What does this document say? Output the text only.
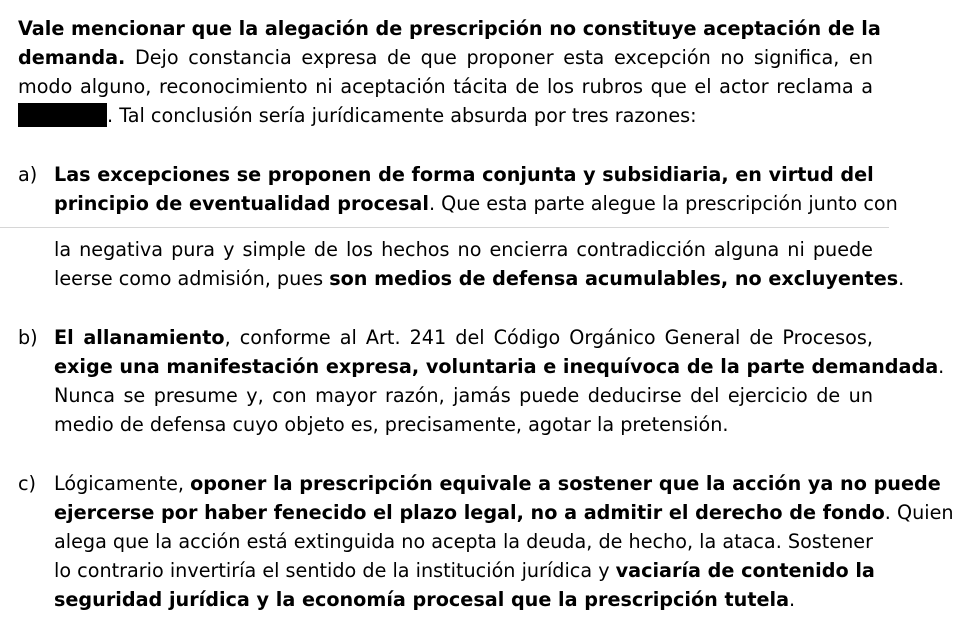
Vale mencionar que la alegación de prescripción no constituye aceptación de la
demanda. Dejo constancia expresa de que proponer esta excepción no significa, en
modo alguno, reconocimiento ni aceptación tácita de los rubros que el actor reclama a
. Tal conclusión sería jurídicamente absurda por tres razones:
a) Las excepciones se proponen de forma conjunta y subsidiaria, en virtud del
principio de eventualidad procesal. Que esta parte alegue la prescripción junto con
la negativa pura y simple de los hechos no encierra contradicción alguna ni puede
leerse como admisión, pues son medios de defensa acumulables, no excluyentes.
b) El allanamiento, conforme al Art. 241 del Código Orgánico General de Procesos,
exige una manifestación expresa, voluntaria e inequívoca de la parte demandada.
Nunca se presume y, con mayor razón, jamás puede deducirse del ejercicio de un
medio de defensa cuyo objeto es, precisamente, agotar la pretensión.
c) Lógicamente, oponer la prescripción equivale a sostener que la acción ya no puede
ejercerse por haber fenecido el plazo legal, no a admitir el derecho de fondo. Quien
alega que la acción está extinguida no acepta la deuda, de hecho, la ataca. Sostener
lo contrario invertiría el sentido de la institución jurídica y vaciaría de contenido la
seguridad jurídica y la economía procesal que la prescripción tutela.
